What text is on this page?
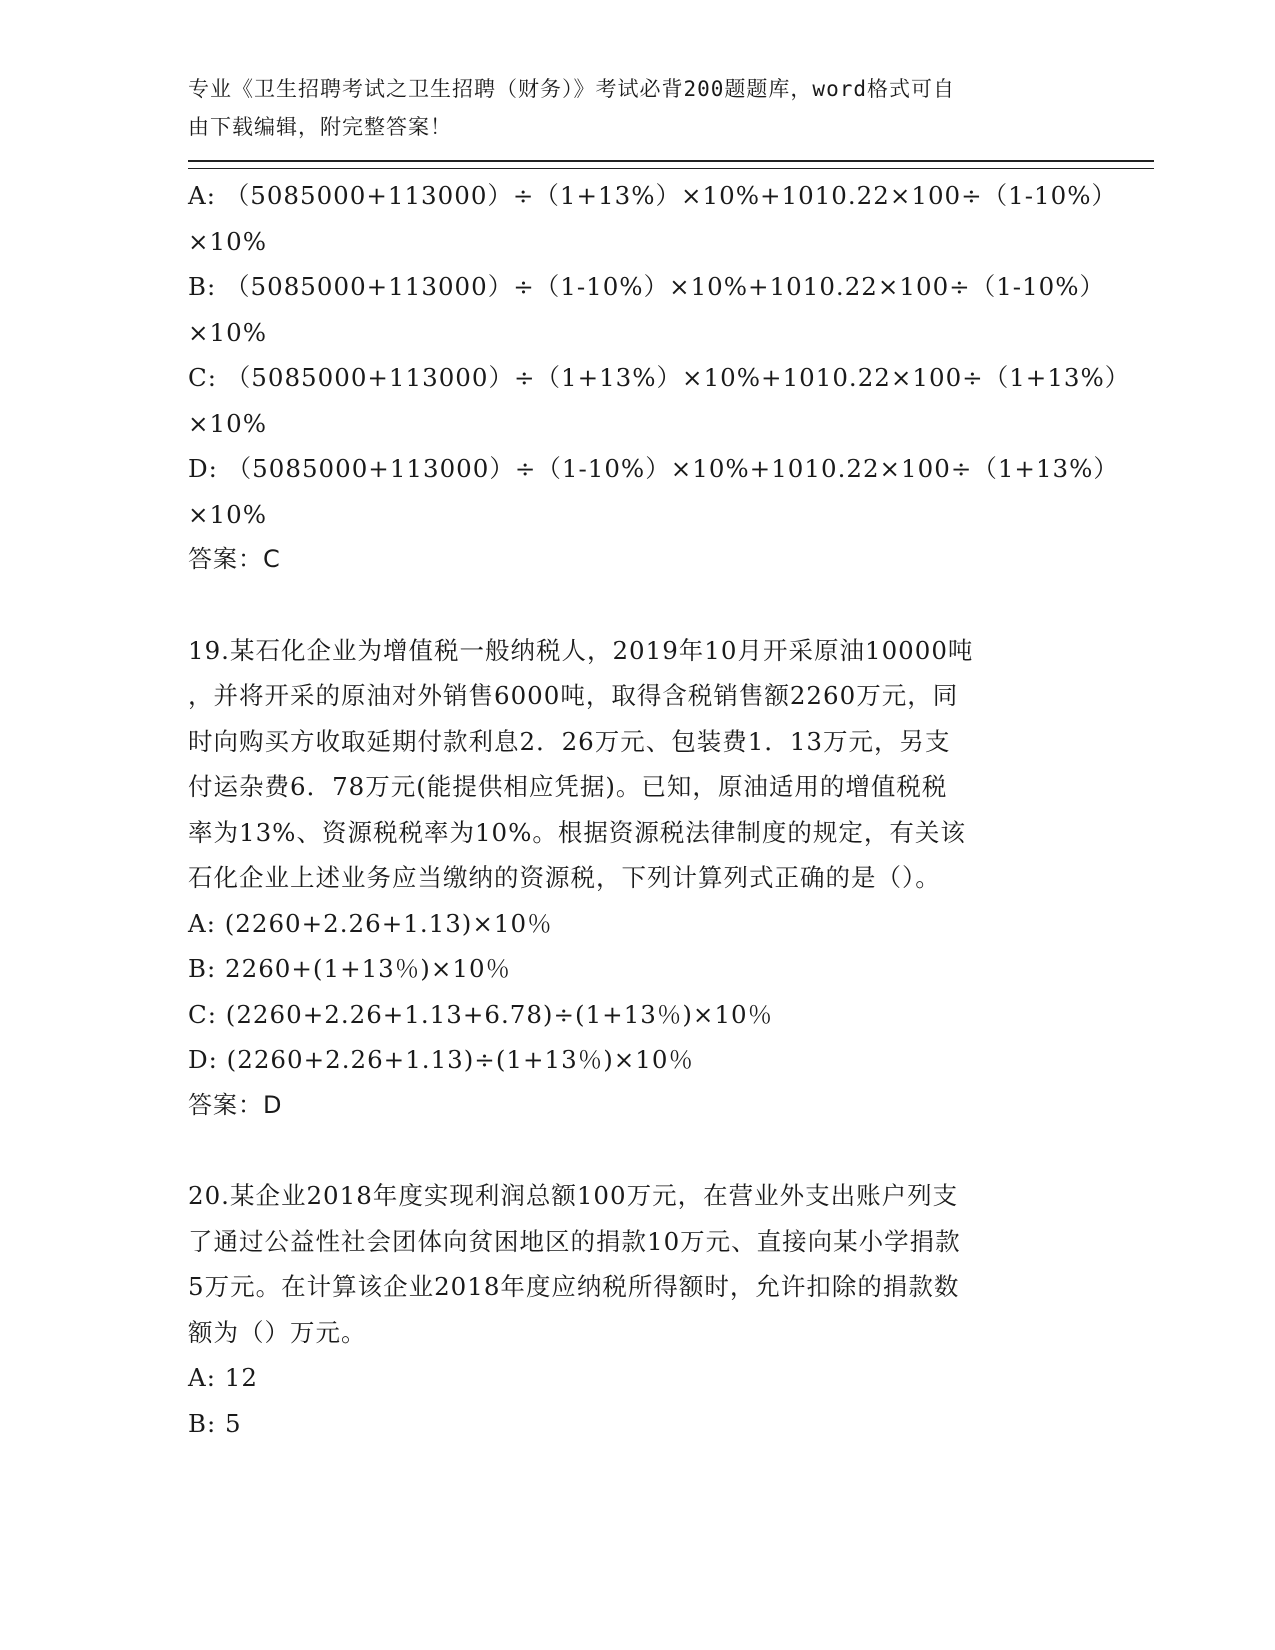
专业《卫生招聘考试之卫生招聘（财务）》考试必背200题题库，word格式可自
由下载编辑，附完整答案！
A: （5085000+113000）÷（1+13%）×10%+1010.22×100÷（1-10%）
×10%
B: （5085000+113000）÷（1-10%）×10%+1010.22×100÷（1-10%）
×10%
C: （5085000+113000）÷（1+13%）×10%+1010.22×100÷（1+13%）
×10%
D: （5085000+113000）÷（1-10%）×10%+1010.22×100÷（1+13%）
×10%
答案：C
19.某石化企业为增值税一般纳税人，2019年10月开采原油10000吨
，并将开采的原油对外销售6000吨，取得含税销售额2260万元，同
时向购买方收取延期付款利息2．26万元、包装费1．13万元，另支
付运杂费6．78万元(能提供相应凭据)。已知，原油适用的增值税税
率为13%、资源税税率为10%。根据资源税法律制度的规定，有关该
石化企业上述业务应当缴纳的资源税，下列计算列式正确的是（）。
A: (2260+2.26+1.13)×10％
B: 2260+(1+13％)×10％
C: (2260+2.26+1.13+6.78)÷(1+13％)×10％
D: (2260+2.26+1.13)÷(1+13％)×10％
答案：D
20.某企业2018年度实现利润总额100万元，在营业外支出账户列支
了通过公益性社会团体向贫困地区的捐款10万元、直接向某小学捐款
5万元。在计算该企业2018年度应纳税所得额时，允许扣除的捐款数
额为（）万元。
A: 12
B: 5
